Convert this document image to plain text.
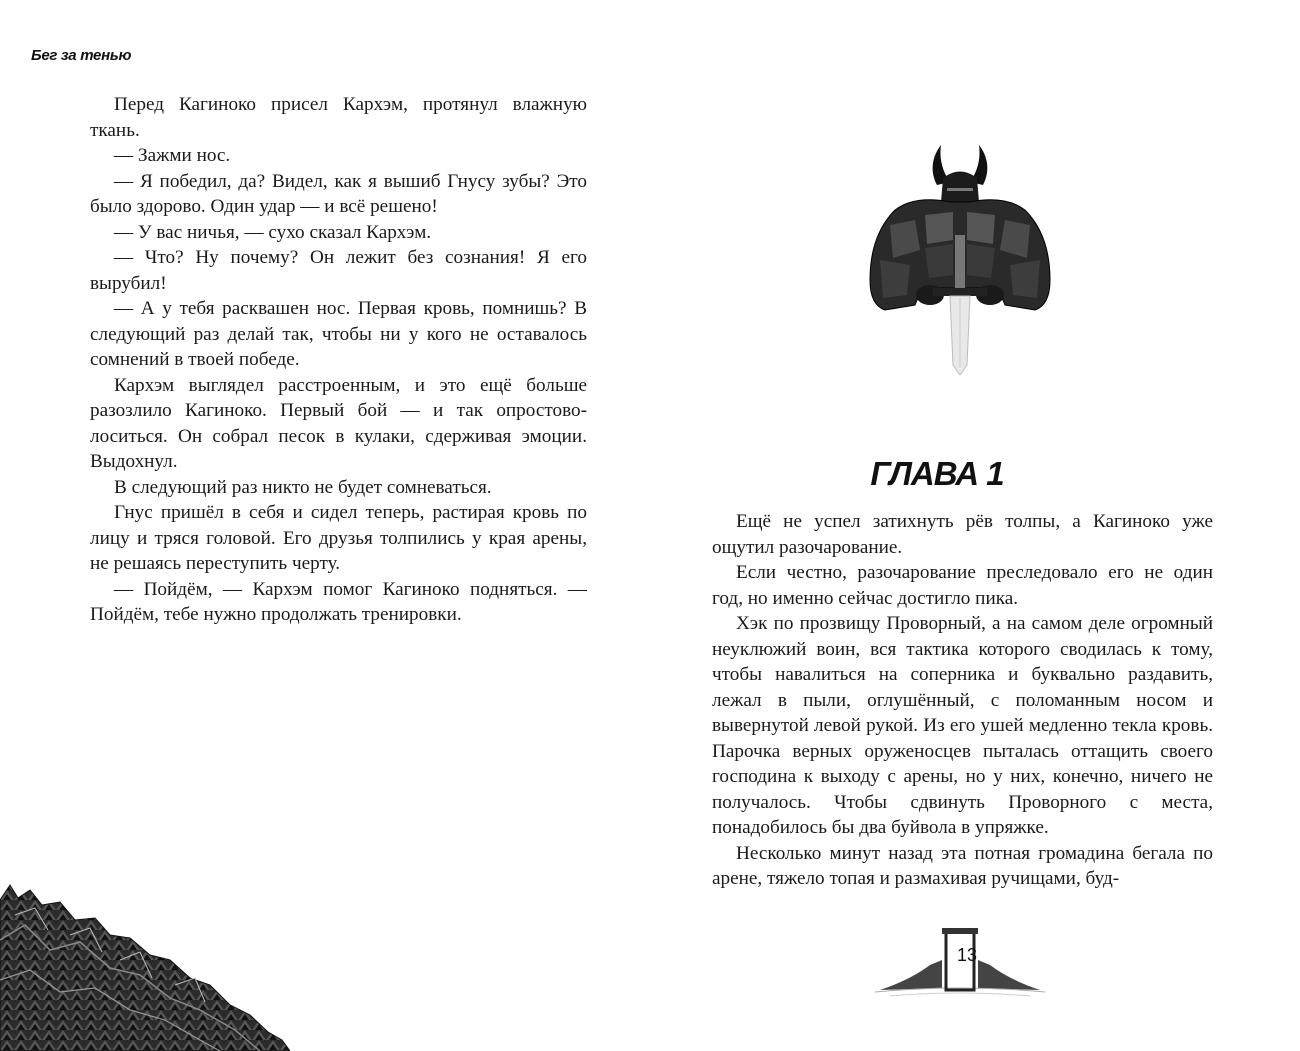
Бег за тенью

Перед Кагиноко присел Кархэм, протянул влажную ткань.

— Зажми нос.

— Я победил, да? Видел, как я вышиб Гнусу зубы? Это было здорово. Один удар — и всё решено!

— У вас ничья, — сухо сказал Кархэм.

— Что? Ну почему? Он лежит без сознания! Я его вырубил!

— А у тебя расквашен нос. Первая кровь, помнишь? В следующий раз делай так, чтобы ни у кого не оставалось сомнений в твоей победе.

Кархэм выглядел расстроенным, и это ещё больше разозлило Кагиноко. Первый бой — и так опростоволоситься. Он собрал песок в кулаки, сдерживая эмоции. Выдохнул.

В следующий раз никто не будет сомневаться.

Гнус пришёл в себя и сидел теперь, растирая кровь по лицу и тряся головой. Его друзья толпились у края арены, не решаясь переступить черту.

— Пойдём, — Кархэм помог Кагиноко подняться. — Пойдём, тебе нужно продолжать тренировки.

ГЛАВА 1

Ещё не успел затихнуть рёв толпы, а Кагиноко уже ощутил разочарование.

Если честно, разочарование преследовало его не один год, но именно сейчас достигло пика.

Хэк по прозвищу Проворный, а на самом деле огромный неуклюжий воин, вся тактика которого сводилась к тому, чтобы навалиться на соперника и буквально раздавить, лежал в пыли, оглушённый, с поломанным носом и вывернутой левой рукой. Из его ушей медленно текла кровь. Парочка верных оруженосцев пыталась оттащить своего господина к выходу с арены, но у них, конечно, ничего не получалось. Чтобы сдвинуть Проворного с места, понадобилось бы два буйвола в упряжке.

Несколько минут назад эта потная громадина бегала по арене, тяжело топая и размахивая ручищами, буд-

13
